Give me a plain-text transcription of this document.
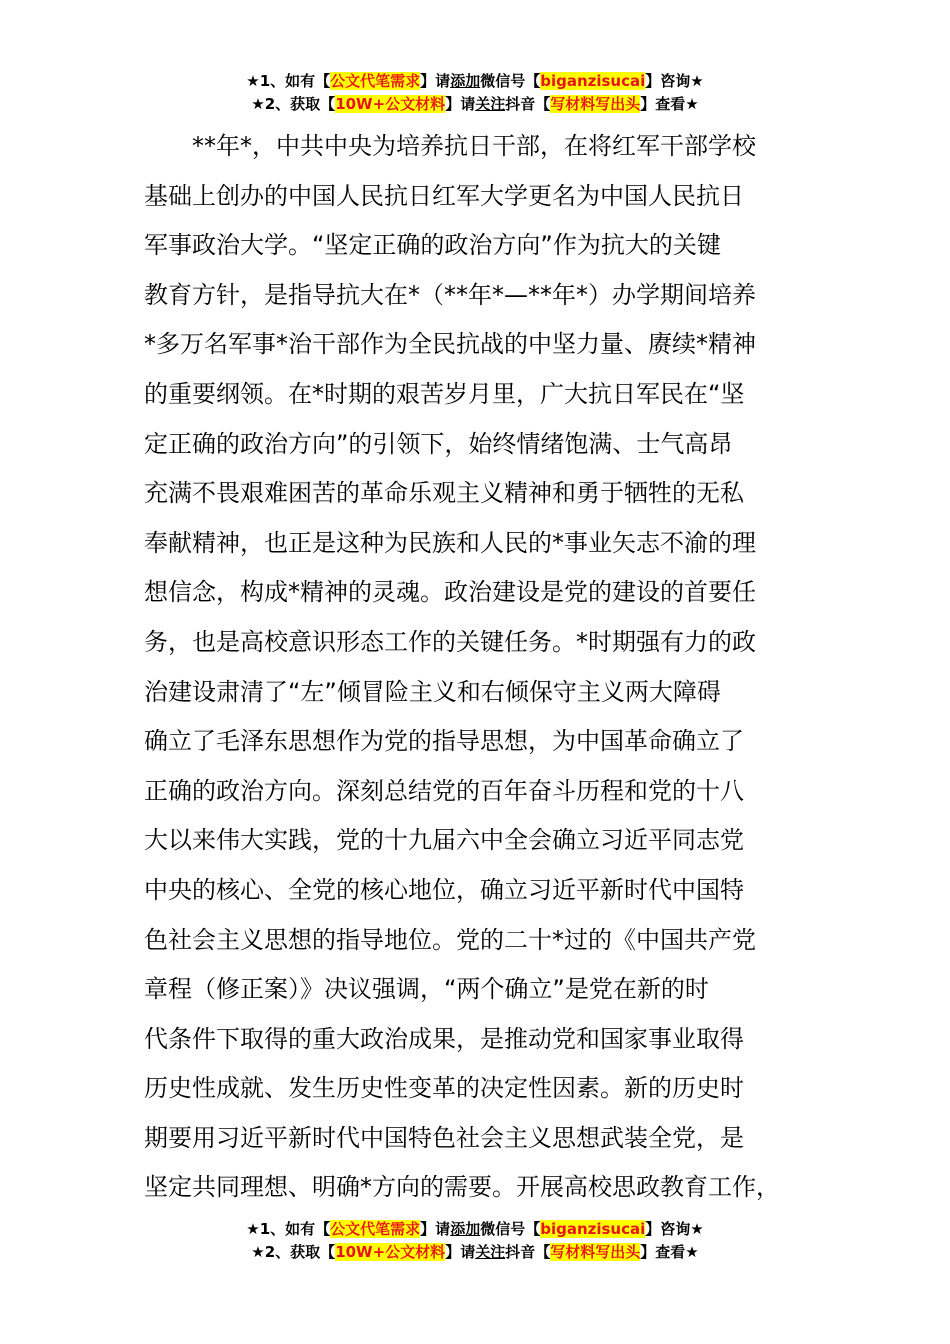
★1、如有【公文代笔需求】请添加微信号【biganzisucai】咨询★
★2、获取【10W+公文材料】请关注抖音【写材料写出头】查看★
　　**年*，中共中央为培养抗日干部，在将红军干部学校
基础上创办的中国人民抗日红军大学更名为中国人民抗日
军事政治大学。“坚定正确的政治方向”作为抗大的关键
教育方针，是指导抗大在*（**年*—**年*）办学期间培养
*多万名军事*治干部作为全民抗战的中坚力量、赓续*精神
的重要纲领。在*时期的艰苦岁月里，广大抗日军民在“坚
定正确的政治方向”的引领下，始终情绪饱满、士气高昂
充满不畏艰难困苦的革命乐观主义精神和勇于牺牲的无私
奉献精神，也正是这种为民族和人民的*事业矢志不渝的理
想信念，构成*精神的灵魂。政治建设是党的建设的首要任
务，也是高校意识形态工作的关键任务。*时期强有力的政
治建设肃清了“左”倾冒险主义和右倾保守主义两大障碍
确立了毛泽东思想作为党的指导思想，为中国革命确立了
正确的政治方向。深刻总结党的百年奋斗历程和党的十八
大以来伟大实践，党的十九届六中全会确立习近平同志党
中央的核心、全党的核心地位，确立习近平新时代中国特
色社会主义思想的指导地位。党的二十*过的《中国共产党
章程（修正案）》决议强调，“两个确立”是党在新的时
代条件下取得的重大政治成果，是推动党和国家事业取得
历史性成就、发生历史性变革的决定性因素。新的历史时
期要用习近平新时代中国特色社会主义思想武装全党，是
坚定共同理想、明确*方向的需要。开展高校思政教育工作，
★1、如有【公文代笔需求】请添加微信号【biganzisucai】咨询★
★2、获取【10W+公文材料】请关注抖音【写材料写出头】查看★
